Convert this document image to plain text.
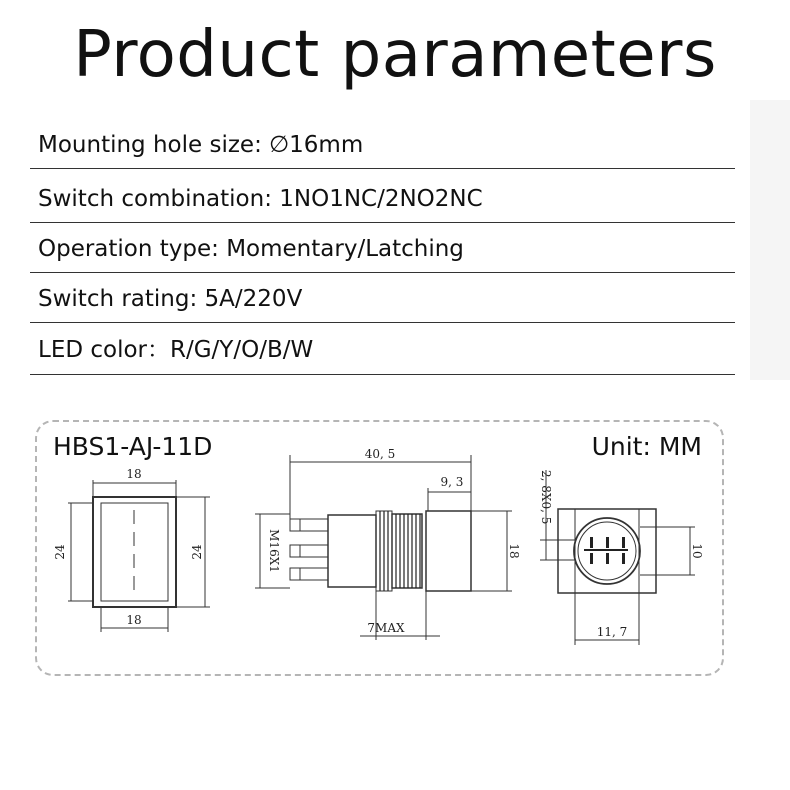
Product parameters
Mounting hole size: ∅16mm
Switch combination: 1NO1NC/2NO2NC
Operation type: Momentary/Latching
Switch rating: 5A/220V
LED color：R/G/Y/O/B/W
HBS1-AJ-11D	Unit: MM
18
18
24	24
40, 5
9, 3
M16X1	18
7MAX
2, 8X0, 5
10
11, 7
